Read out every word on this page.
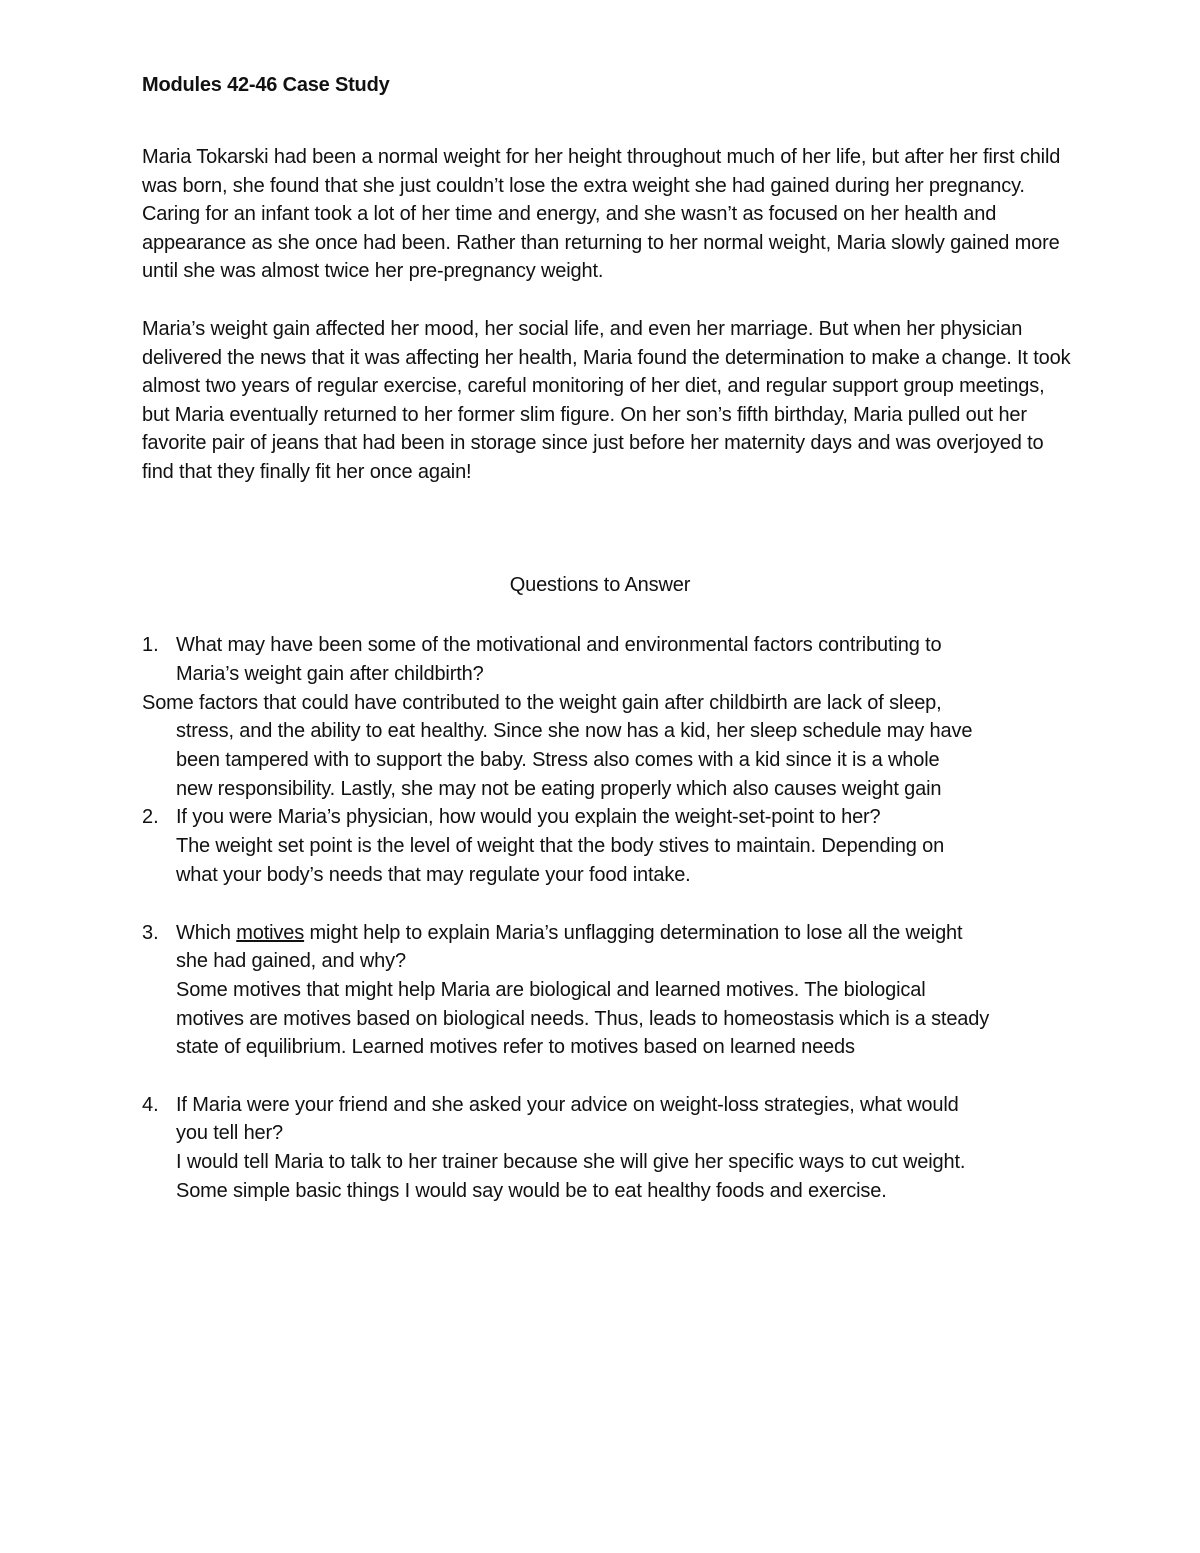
Modules 42-46 Case Study
Maria Tokarski had been a normal weight for her height throughout much of her life, but after her first child was born, she found that she just couldn’t lose the extra weight she had gained during her pregnancy. Caring for an infant took a lot of her time and energy, and she wasn’t as focused on her health and appearance as she once had been. Rather than returning to her normal weight, Maria slowly gained more until she was almost twice her pre-pregnancy weight.
Maria’s weight gain affected her mood, her social life, and even her marriage. But when her physician delivered the news that it was affecting her health, Maria found the determination to make a change. It took almost two years of regular exercise, careful monitoring of her diet, and regular support group meetings, but Maria eventually returned to her former slim figure. On her son’s fifth birthday, Maria pulled out her favorite pair of jeans that had been in storage since just before her maternity days and was overjoyed to find that they finally fit her once again!
Questions to Answer
1. What may have been some of the motivational and environmental factors contributing to
Maria’s weight gain after childbirth?
Some factors that could have contributed to the weight gain after childbirth are lack of sleep,
stress, and the ability to eat healthy. Since she now has a kid, her sleep schedule may have
been tampered with to support the baby. Stress also comes with a kid since it is a whole
new responsibility. Lastly, she may not be eating properly which also causes weight gain
2. If you were Maria’s physician, how would you explain the weight-set-point to her?
The weight set point is the level of weight that the body stives to maintain. Depending on
what your body’s needs that may regulate your food intake.
3. Which motives might help to explain Maria’s unflagging determination to lose all the weight
she had gained, and why?
Some motives that might help Maria are biological and learned motives. The biological
motives are motives based on biological needs. Thus, leads to homeostasis which is a steady
state of equilibrium. Learned motives refer to motives based on learned needs
4. If Maria were your friend and she asked your advice on weight-loss strategies, what would
you tell her?
I would tell Maria to talk to her trainer because she will give her specific ways to cut weight.
Some simple basic things I would say would be to eat healthy foods and exercise.
